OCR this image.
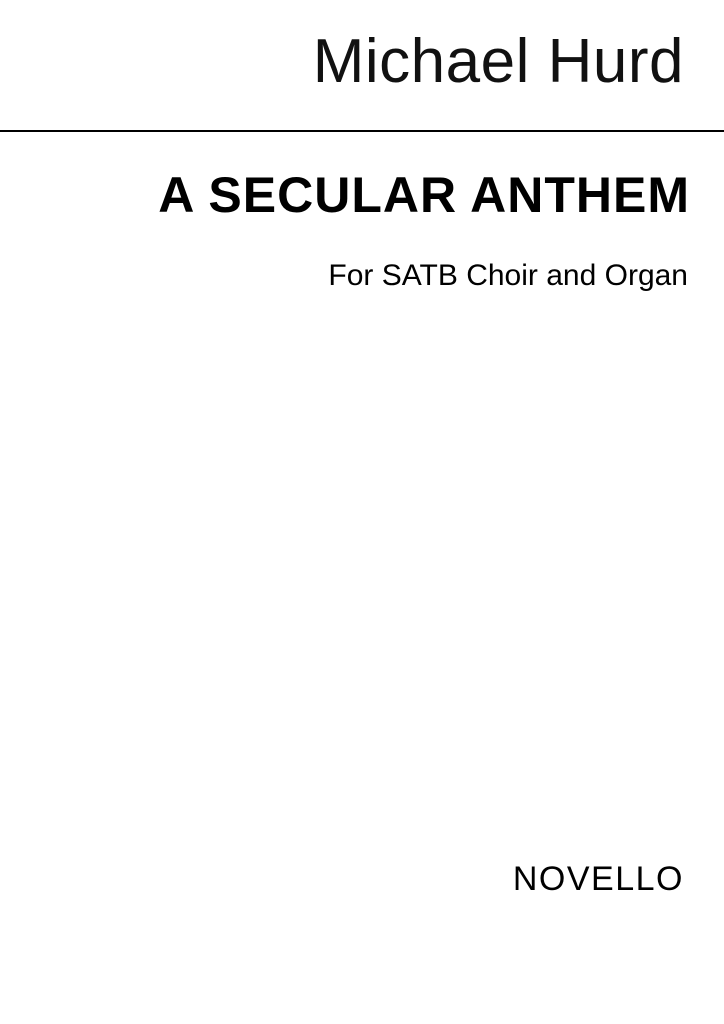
Michael Hurd
A SECULAR ANTHEM
For SATB Choir and Organ
NOVELLO
